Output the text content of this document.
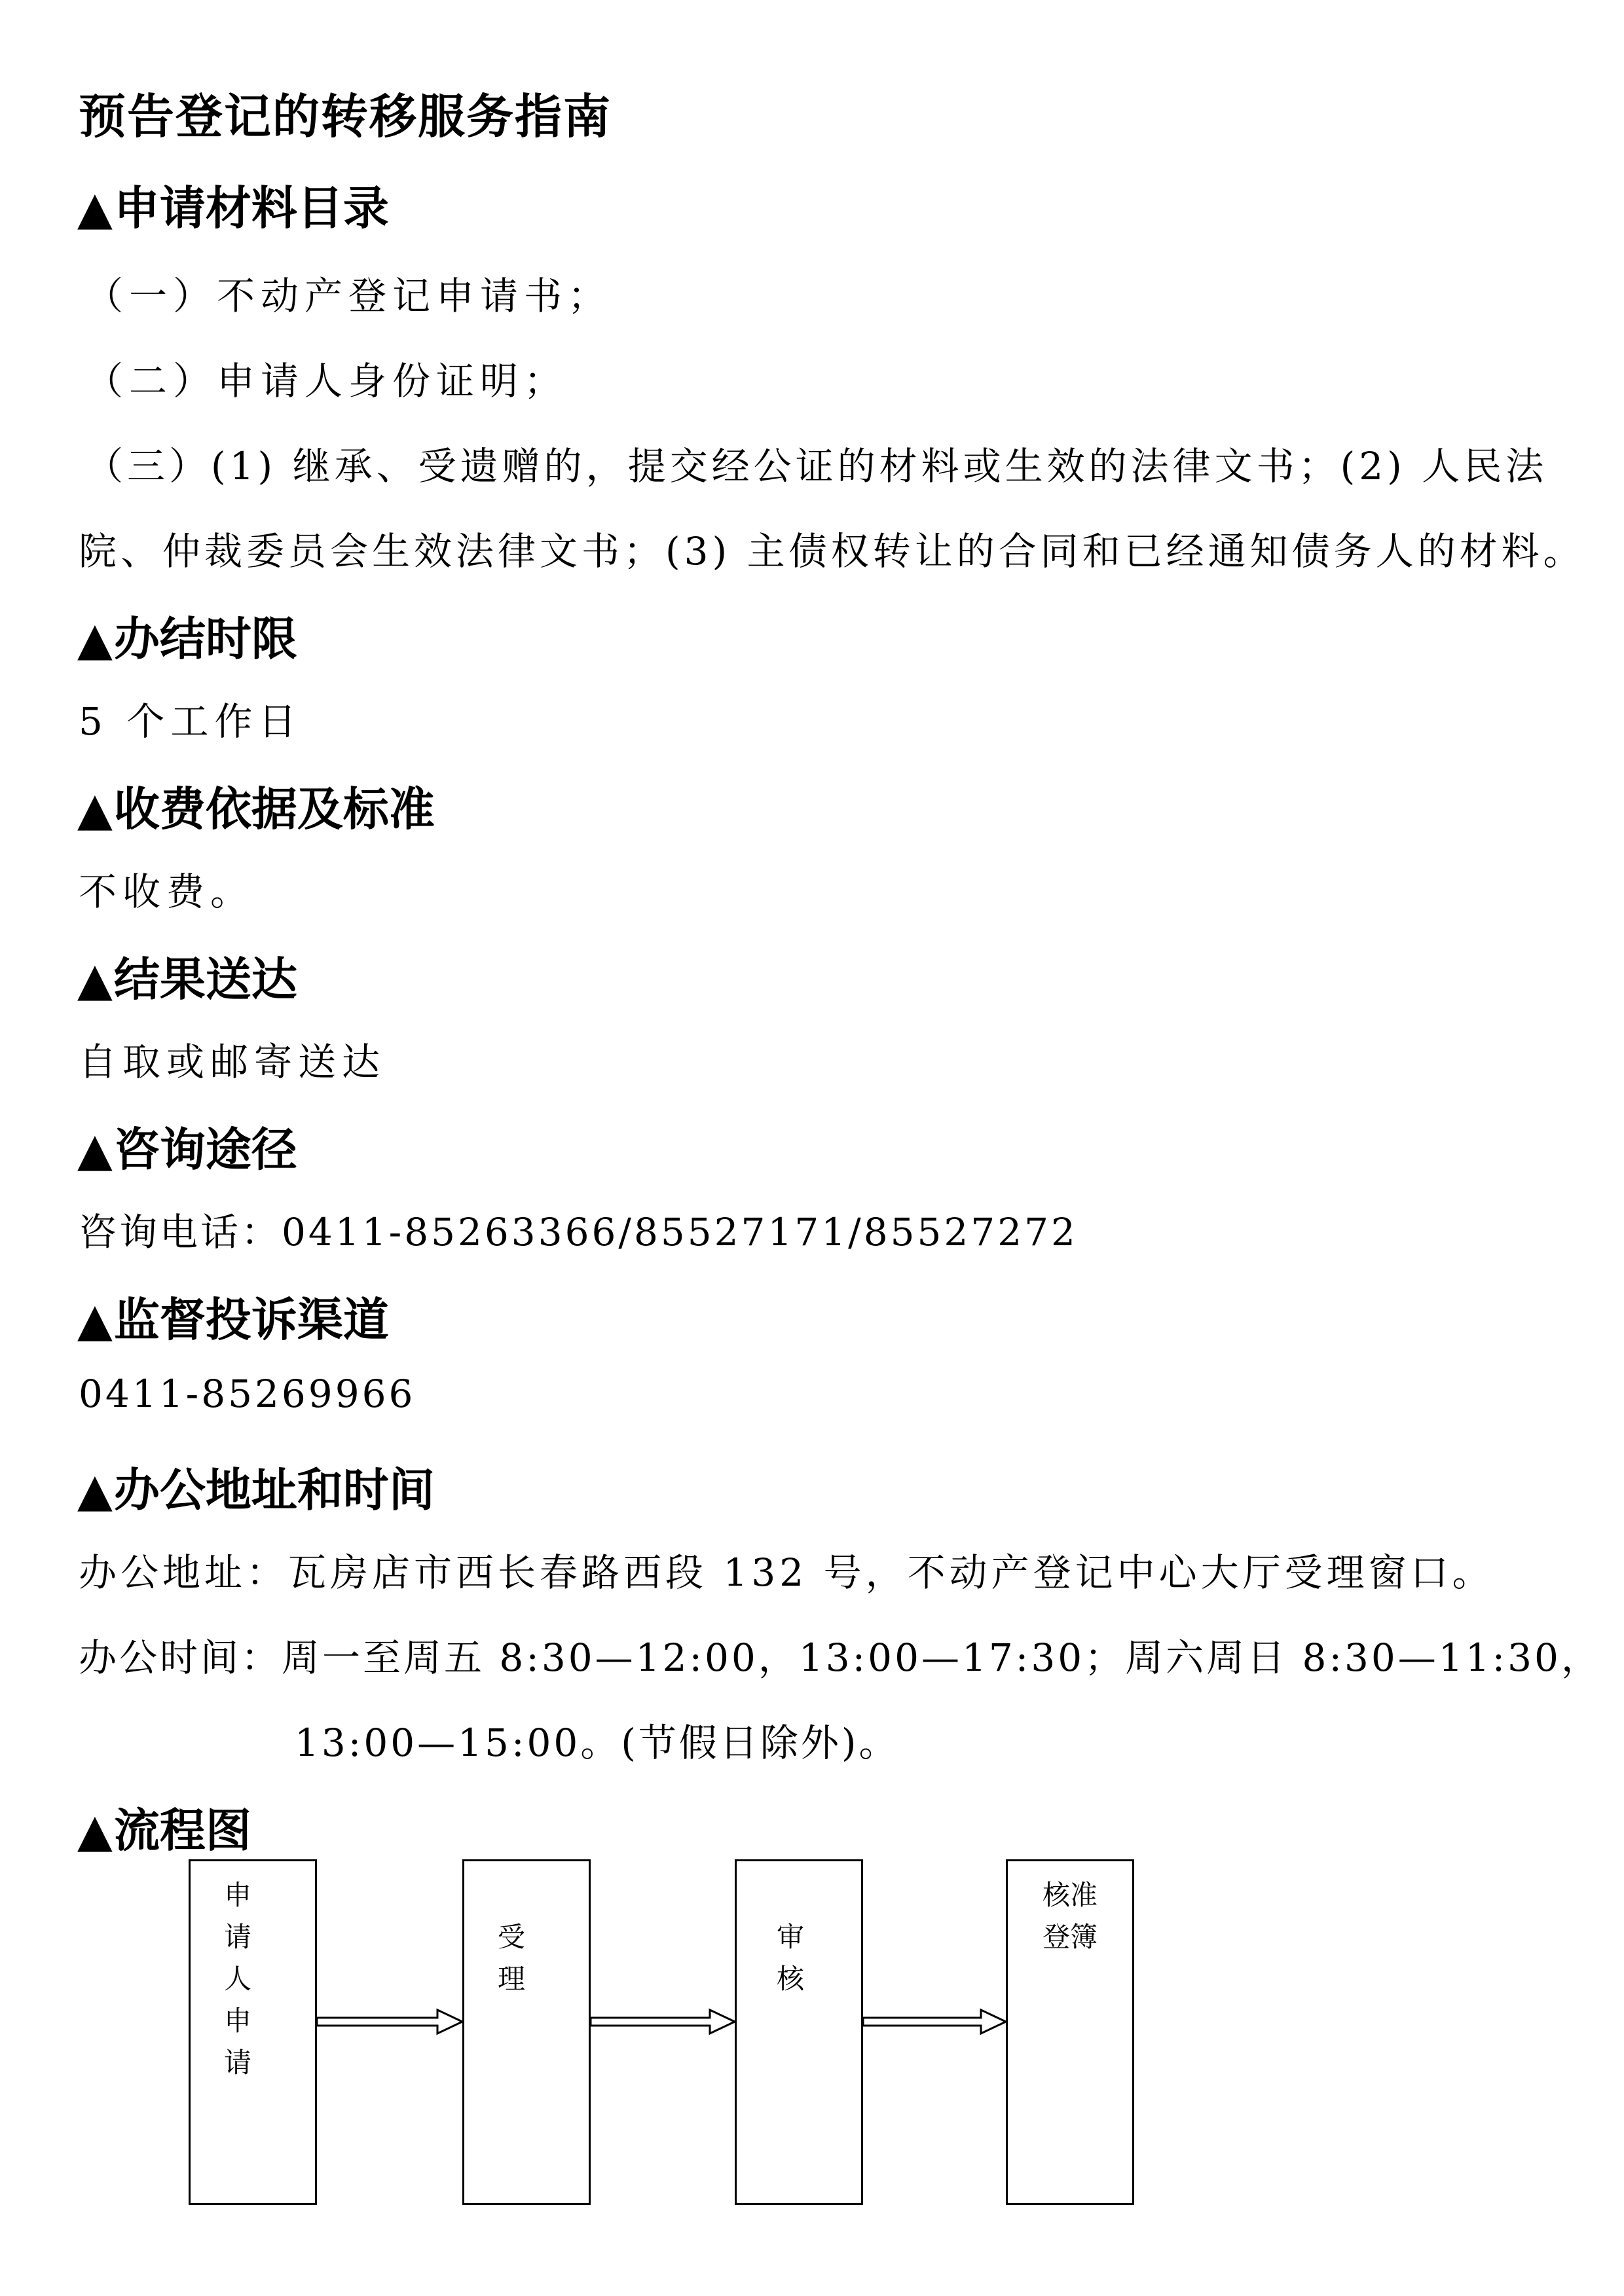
预告登记的转移服务指南
▲申请材料目录
（一）不动产登记申请书；
（二）申请人身份证明；
（三）(1) 继承、受遗赠的，提交经公证的材料或生效的法律文书；(2) 人民法
院、仲裁委员会生效法律文书；(3) 主债权转让的合同和已经通知债务人的材料。
▲办结时限
5 个工作日
▲收费依据及标准
不收费。
▲结果送达
自取或邮寄送达
▲咨询途径
咨询电话：0411-85263366/85527171/85527272
▲监督投诉渠道
0411-85269966
▲办公地址和时间
办公地址：瓦房店市西长春路西段 132 号，不动产登记中心大厅受理窗口。
办公时间：周一至周五 8:30—12:00，13:00—17:30；周六周日 8:30—11:30，
13:00—15:00。(节假日除外)。
▲流程图
申请人申请
受理
审核
核准登簿
